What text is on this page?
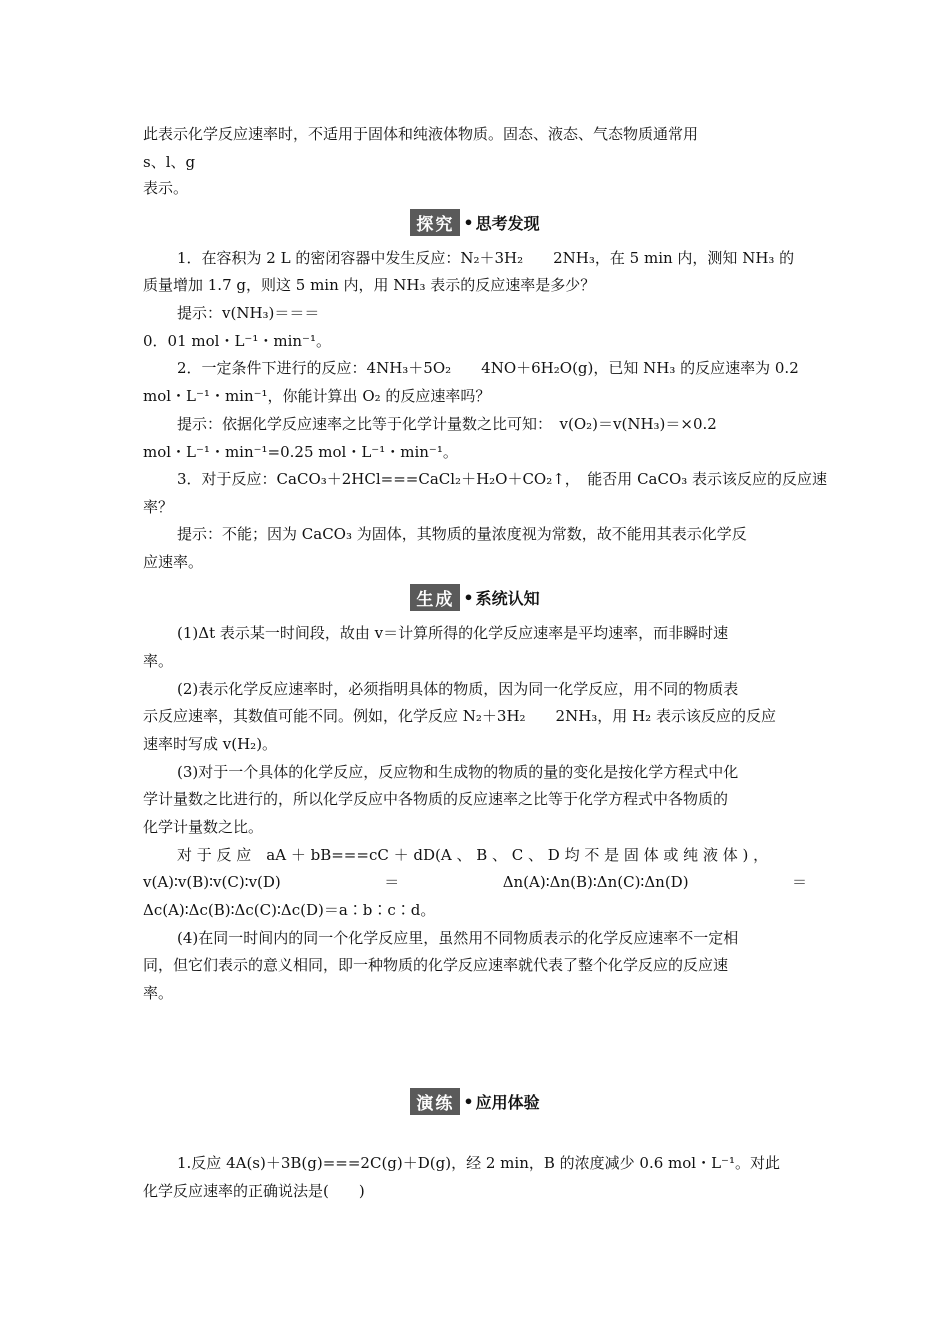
此表示化学反应速率时，不适用于固体和纯液体物质。固态、液态、气态物质通常用
s、l、g
表示。
探究 • 思考发现
1．在容积为 2 L 的密闭容器中发生反应：N₂＋3H₂　　2NH₃，在 5 min 内，测知 NH₃ 的
质量增加 1.7 g，则这 5 min 内，用 NH₃ 表示的反应速率是多少？
提示：v(NH₃)＝＝＝
0．01 mol・L⁻¹・min⁻¹。
2．一定条件下进行的反应：4NH₃＋5O₂　　4NO＋6H₂O(g)，已知 NH₃ 的反应速率为 0.2
mol・L⁻¹・min⁻¹，你能计算出 O₂ 的反应速率吗？
提示：依据化学反应速率之比等于化学计量数之比可知：　v(O₂)＝v(NH₃)＝×0.2
mol・L⁻¹・min⁻¹=0.25 mol・L⁻¹・min⁻¹。
3．对于反应：CaCO₃＋2HCl===CaCl₂＋H₂O＋CO₂↑，　能否用 CaCO₃ 表示该反应的反应速
率？
提示：不能；因为 CaCO₃ 为固体，其物质的量浓度视为常数，故不能用其表示化学反
应速率。
生成 • 系统认知
(1)Δt 表示某一时间段，故由 v＝计算所得的化学反应速率是平均速率，而非瞬时速
率。
(2)表示化学反应速率时，必须指明具体的物质，因为同一化学反应，用不同的物质表
示反应速率，其数值可能不同。例如，化学反应 N₂＋3H₂　　2NH₃，用 H₂ 表示该反应的反应
速率时写成 v(H₂)。
(3)对于一个具体的化学反应，反应物和生成物的物质的量的变化是按化学方程式中化
学计量数之比进行的，所以化学反应中各物质的反应速率之比等于化学方程式中各物质的
化学计量数之比。
对 于 反 应　aA ＋ bB===cC ＋ dD(A 、 B 、 C 、 D 均 不 是 固 体 或 纯 液 体 ) ，
v(A)∶v(B)∶v(C)∶v(D)	＝	Δn(A)∶Δn(B)∶Δn(C)∶Δn(D)	＝
Δc(A)∶Δc(B)∶Δc(C)∶Δc(D)＝a∶b∶c∶d。
(4)在同一时间内的同一个化学反应里，虽然用不同物质表示的化学反应速率不一定相
同，但它们表示的意义相同，即一种物质的化学反应速率就代表了整个化学反应的反应速
率。
演练 • 应用体验
1.反应 4A(s)＋3B(g)===2C(g)＋D(g)，经 2 min，B 的浓度减少 0.6 mol・L⁻¹。对此
化学反应速率的正确说法是(　　)
